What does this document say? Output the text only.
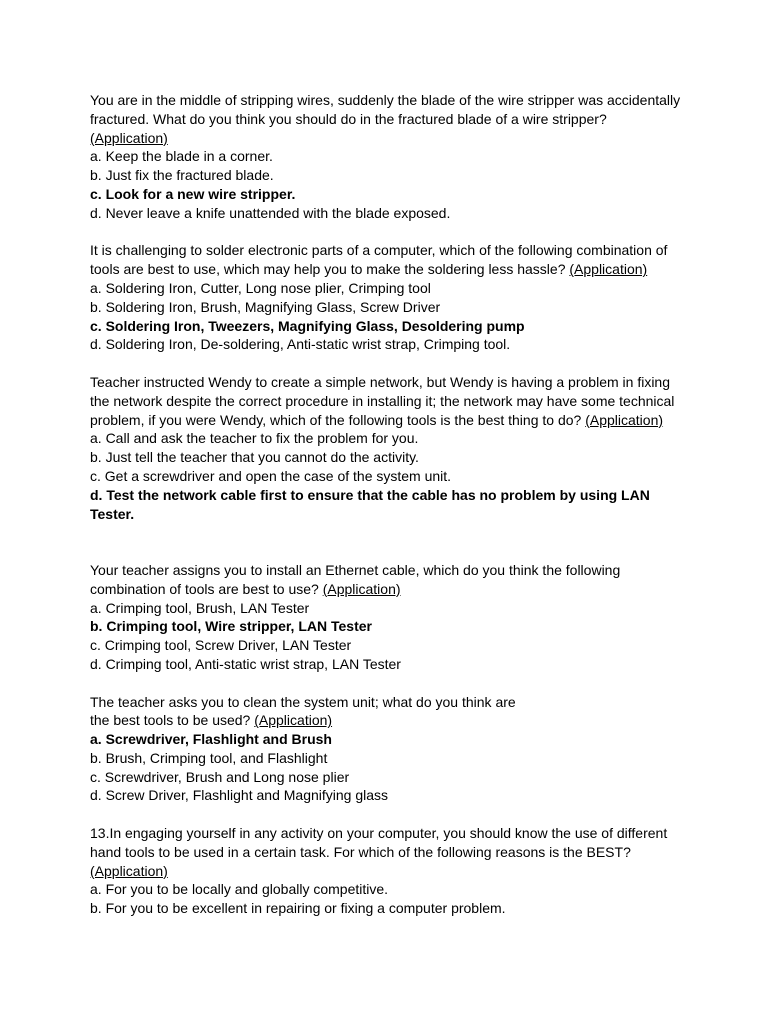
You are in the middle of stripping wires, suddenly the blade of the wire stripper was accidentally
fractured. What do you think you should do in the fractured blade of a wire stripper?
(Application)
a. Keep the blade in a corner.
b. Just fix the fractured blade.
c. Look for a new wire stripper.
d. Never leave a knife unattended with the blade exposed.
It is challenging to solder electronic parts of a computer, which of the following combination of
tools are best to use, which may help you to make the soldering less hassle? (Application)
a. Soldering Iron, Cutter, Long nose plier, Crimping tool
b. Soldering Iron, Brush, Magnifying Glass, Screw Driver
c. Soldering Iron, Tweezers, Magnifying Glass, Desoldering pump
d. Soldering Iron, De-soldering, Anti-static wrist strap, Crimping tool.
Teacher instructed Wendy to create a simple network, but Wendy is having a problem in fixing
the network despite the correct procedure in installing it; the network may have some technical
problem, if you were Wendy, which of the following tools is the best thing to do? (Application)
a. Call and ask the teacher to fix the problem for you.
b. Just tell the teacher that you cannot do the activity.
c. Get a screwdriver and open the case of the system unit.
d. Test the network cable first to ensure that the cable has no problem by using LAN
Tester.
Your teacher assigns you to install an Ethernet cable, which do you think the following
combination of tools are best to use? (Application)
a. Crimping tool, Brush, LAN Tester
b. Crimping tool, Wire stripper, LAN Tester
c. Crimping tool, Screw Driver, LAN Tester
d. Crimping tool, Anti-static wrist strap, LAN Tester
The teacher asks you to clean the system unit; what do you think are
the best tools to be used? (Application)
a. Screwdriver, Flashlight and Brush
b. Brush, Crimping tool, and Flashlight
c. Screwdriver, Brush and Long nose plier
d. Screw Driver, Flashlight and Magnifying glass
13.In engaging yourself in any activity on your computer, you should know the use of different
hand tools to be used in a certain task. For which of the following reasons is the BEST?
(Application)
a. For you to be locally and globally competitive.
b. For you to be excellent in repairing or fixing a computer problem.
